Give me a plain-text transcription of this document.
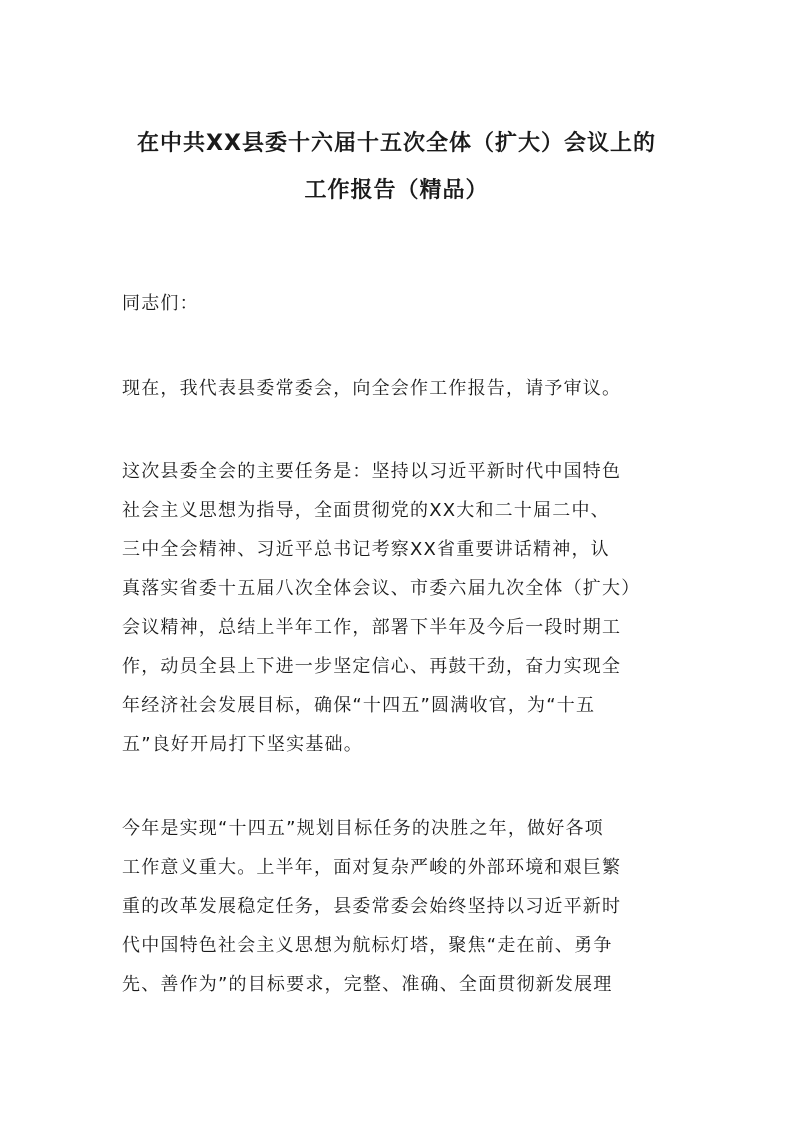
在中共XX县委十六届十五次全体（扩大）会议上的
工作报告（精品）
同志们：
现在，我代表县委常委会，向全会作工作报告，请予审议。
这次县委全会的主要任务是：坚持以习近平新时代中国特色
社会主义思想为指导，全面贯彻党的XX大和二十届二中、
三中全会精神、习近平总书记考察XX省重要讲话精神，认
真落实省委十五届八次全体会议、市委六届九次全体（扩大）
会议精神，总结上半年工作，部署下半年及今后一段时期工
作，动员全县上下进一步坚定信心、再鼓干劲，奋力实现全
年经济社会发展目标，确保“十四五”圆满收官，为“十五
五”良好开局打下坚实基础。
今年是实现“十四五”规划目标任务的决胜之年，做好各项
工作意义重大。上半年，面对复杂严峻的外部环境和艰巨繁
重的改革发展稳定任务，县委常委会始终坚持以习近平新时
代中国特色社会主义思想为航标灯塔，聚焦“走在前、勇争
先、善作为”的目标要求，完整、准确、全面贯彻新发展理
